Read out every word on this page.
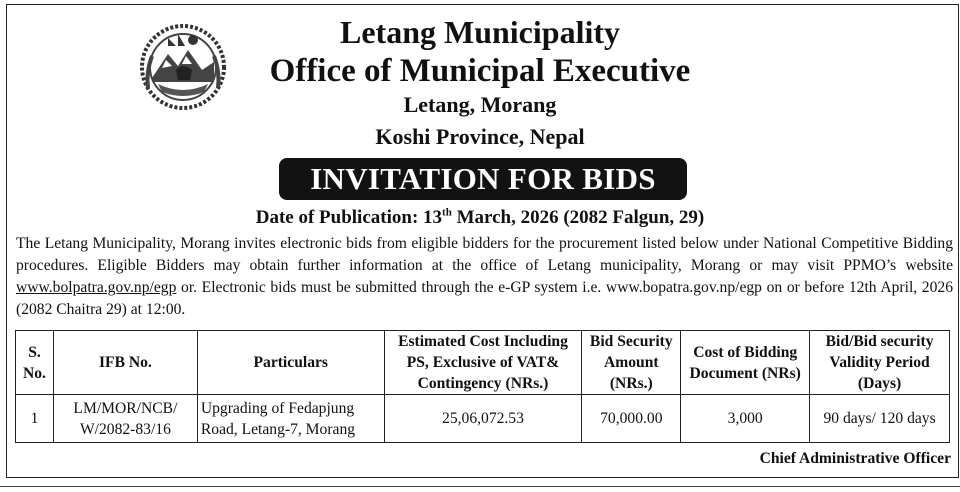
Letang Municipality
Office of Municipal Executive
Letang, Morang
Koshi Province, Nepal
INVITATION FOR BIDS
Date of Publication: 13th March, 2026 (2082 Falgun, 29)
The Letang Municipality, Morang invites electronic bids from eligible bidders for the procurement listed below under National Competitive Bidding procedures. Eligible Bidders may obtain further information at the office of Letang municipality, Morang or may visit PPMO’s website www.bolpatra.gov.np/egp or. Electronic bids must be submitted through the e-GP system i.e. www.bopatra.gov.np/egp on or before 12th April, 2026 (2082 Chaitra 29) at 12:00.
S. No.	IFB No.	Particulars	Estimated Cost Including PS, Exclusive of VAT& Contingency (NRs.)	Bid Security Amount (NRs.)	Cost of Bidding Document (NRs)	Bid/Bid security Validity Period (Days)
1	LM/MOR/NCB/ W/2082-83/16	Upgrading of Fedapjung Road, Letang-7, Morang	25,06,072.53	70,000.00	3,000	90 days/ 120 days
Chief Administrative Officer
